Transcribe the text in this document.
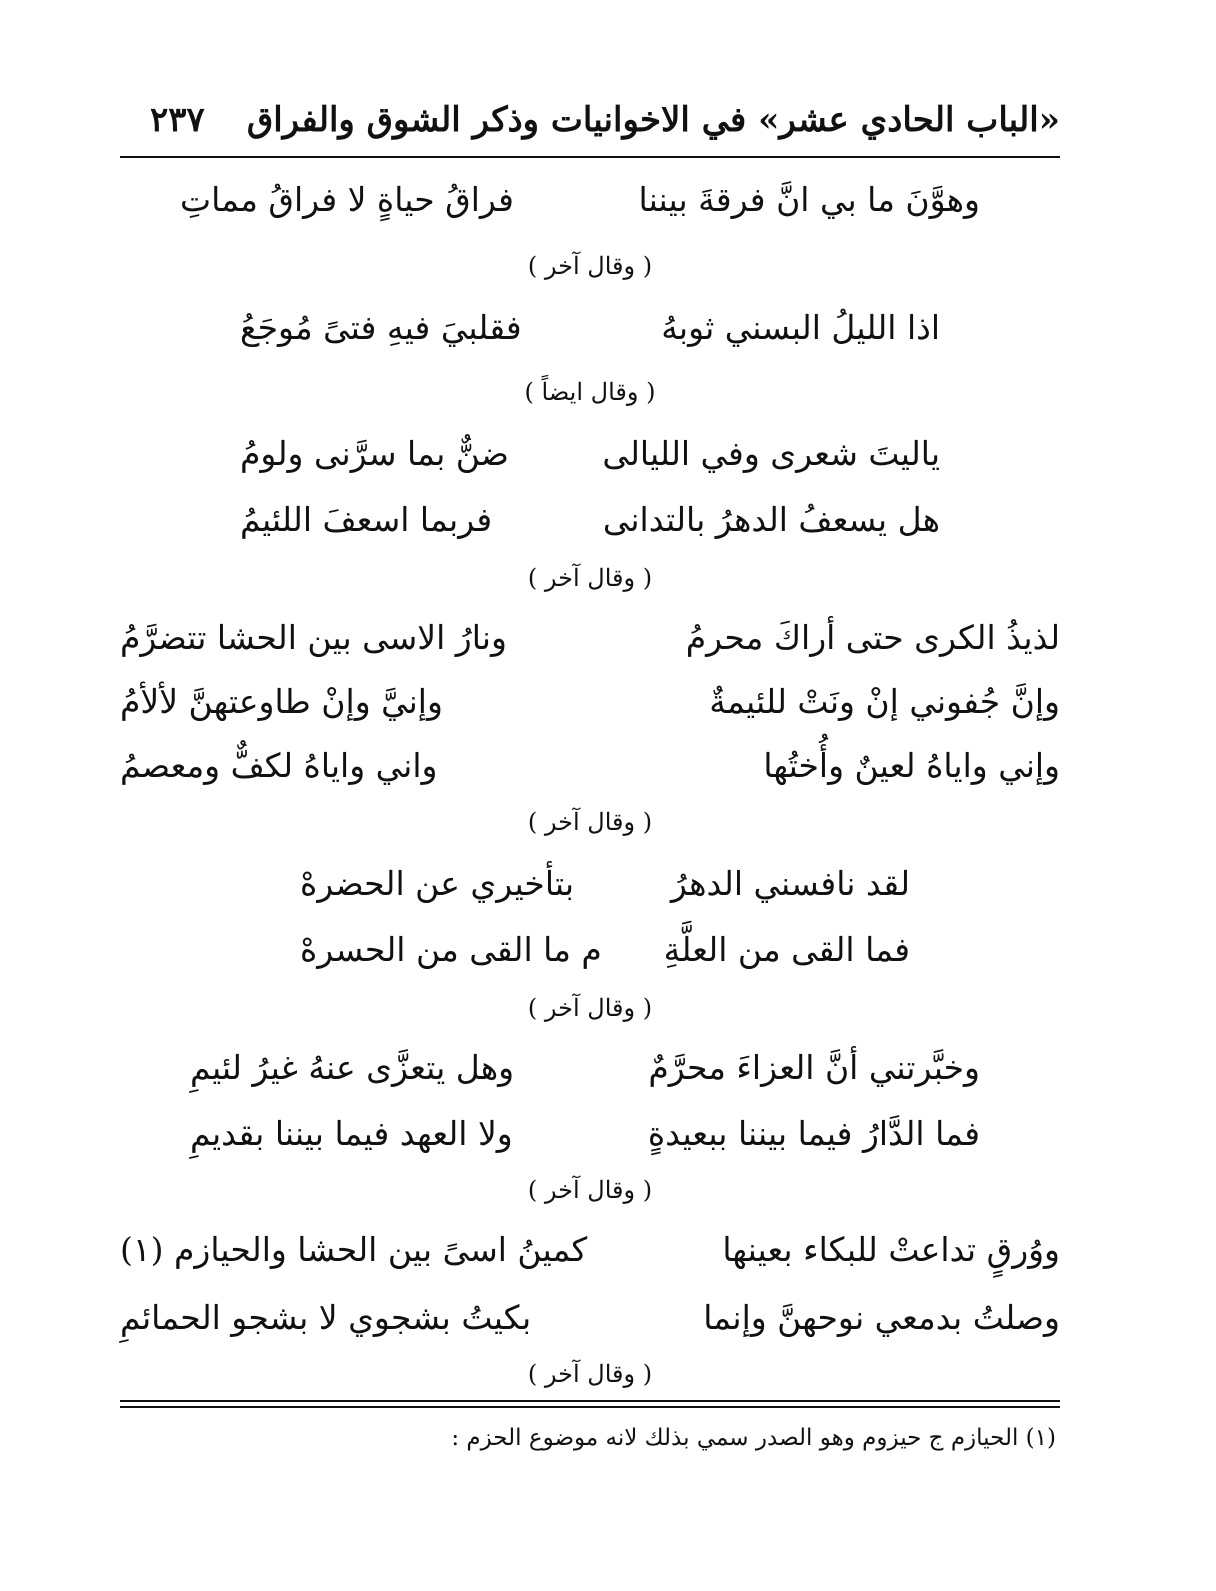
«الباب الحادي عشر» في الاخوانيات وذكر الشوق والفراق
٢٣٧
وهوَّنَ ما بي انَّ فرقةَ بيننا
فراقُ حياةٍ لا فراقُ مماتِ
( وقال آخر )
اذا الليلُ البسني ثوبهُ
فقلبيَ فيهِ فتىً مُوجَعُ
( وقال ايضاً )
ياليتَ شعرى وفي الليالى
ضنٌّ بما سرَّنى ولومُ
هل يسعفُ الدهرُ بالتدانى
فربما اسعفَ اللئيمُ
( وقال آخر )
لذيذُ الكرى حتى أراكَ محرمُ
ونارُ الاسى بين الحشا تتضرَّمُ
وإنَّ جُفوني إنْ ونَتْ للئيمةٌ
وإنيَّ وإنْ طاوعتهنَّ لألأمُ
وإني واياهُ لعينٌ وأُختُها
واني واياهُ لكفٌّ ومعصمُ
( وقال آخر )
لقد نافسني الدهرُ
بتأخيري عن الحضرهْ
فما القى من العلَّةِ
م ما القى من الحسرهْ
( وقال آخر )
وخبَّرتني أنَّ العزاءَ محرَّمٌ
وهل يتعزَّى عنهُ غيرُ لئيمِ
فما الدَّارُ فيما بيننا ببعيدةٍ
ولا العهد فيما بيننا بقديمِ
( وقال آخر )
ووُرقٍ تداعتْ للبكاء بعينها
كمينُ اسىً بين الحشا والحيازم (١)
وصلتُ بدمعي نوحهنَّ وإنما
بكيتُ بشجوي لا بشجو الحمائمِ
( وقال آخر )
(١) الحيازم ج حيزوم وهو الصدر سمي بذلك لانه موضوع الحزم :
